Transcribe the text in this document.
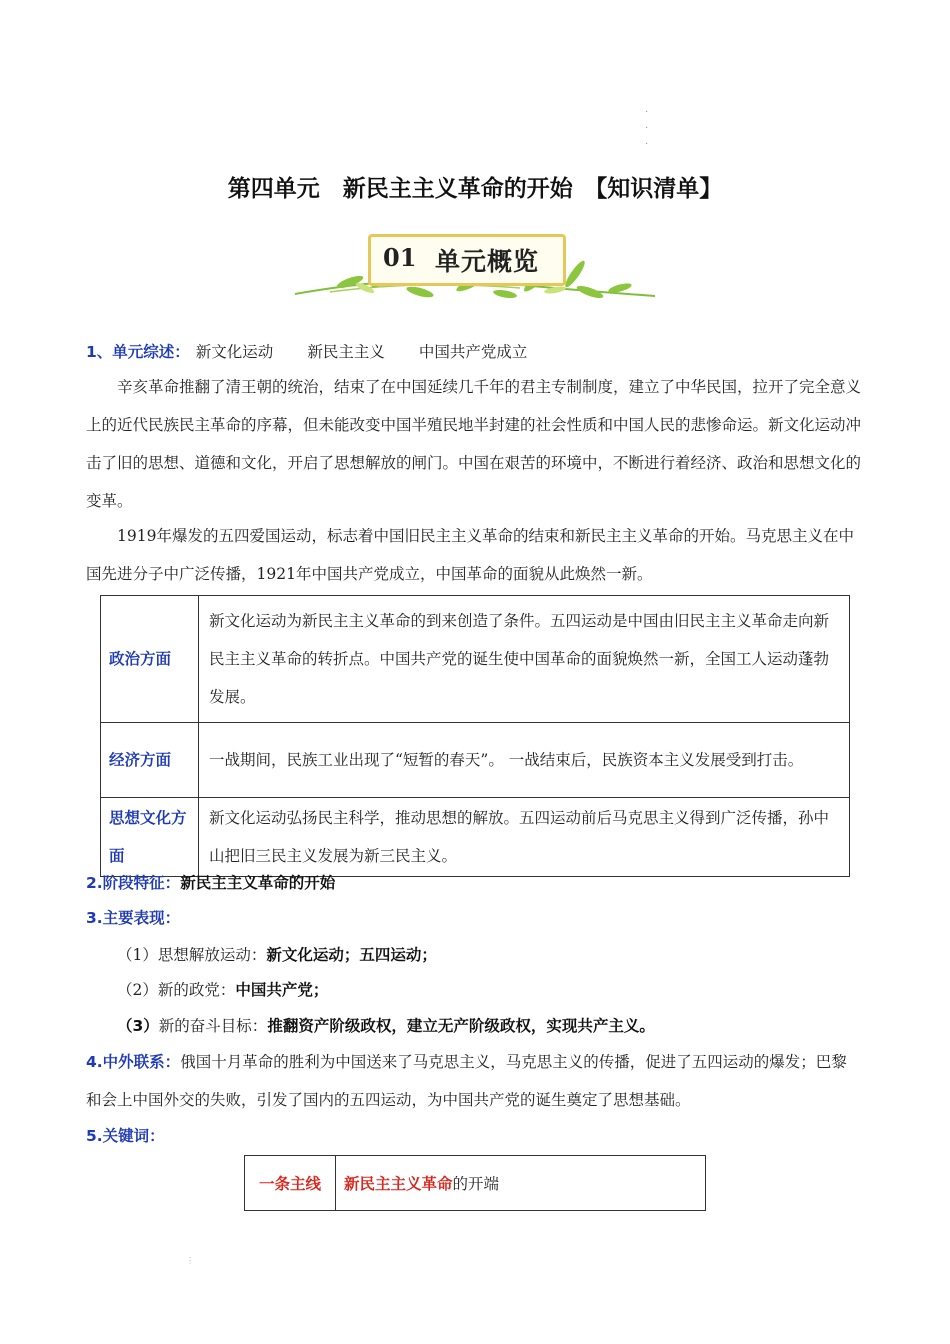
·
·
·
第四单元　新民主主义革命的开始　【知识清单】
01 单元概览
1、单元综述： 新文化运动 新民主主义 中国共产党成立
辛亥革命推翻了清王朝的统治，结束了在中国延续几千年的君主专制制度，建立了中华民国，拉开了完全意义上的近代民族民主革命的序幕，但未能改变中国半殖民地半封建的社会性质和中国人民的悲惨命运。新文化运动冲击了旧的思想、道德和文化，开启了思想解放的闸门。中国在艰苦的环境中，不断进行着经济、政治和思想文化的变革。
1919年爆发的五四爱国运动，标志着中国旧民主主义革命的结束和新民主主义革命的开始。马克思主义在中国先进分子中广泛传播，1921年中国共产党成立，中国革命的面貌从此焕然一新。
政治方面	新文化运动为新民主主义革命的到来创造了条件。五四运动是中国由旧民主主义革命走向新民主主义革命的转折点。中国共产党的诞生使中国革命的面貌焕然一新，全国工人运动蓬勃发展。
经济方面	一战期间，民族工业出现了“短暂的春天”。 一战结束后，民族资本主义发展受到打击。
思想文化方面	新文化运动弘扬民主科学，推动思想的解放。五四运动前后马克思主义得到广泛传播，孙中山把旧三民主义发展为新三民主义。
2.阶段特征：新民主主义革命的开始
3.主要表现：
（1）思想解放运动：新文化运动；五四运动；
（2）新的政党：中国共产党；
（3）新的奋斗目标：推翻资产阶级政权，建立无产阶级政权，实现共产主义。
4.中外联系：俄国十月革命的胜利为中国送来了马克思主义，马克思主义的传播，促进了五四运动的爆发；巴黎和会上中国外交的失败，引发了国内的五四运动，为中国共产党的诞生奠定了思想基础。
5.关键词：
一条主线	新民主主义革命的开端
⋮
